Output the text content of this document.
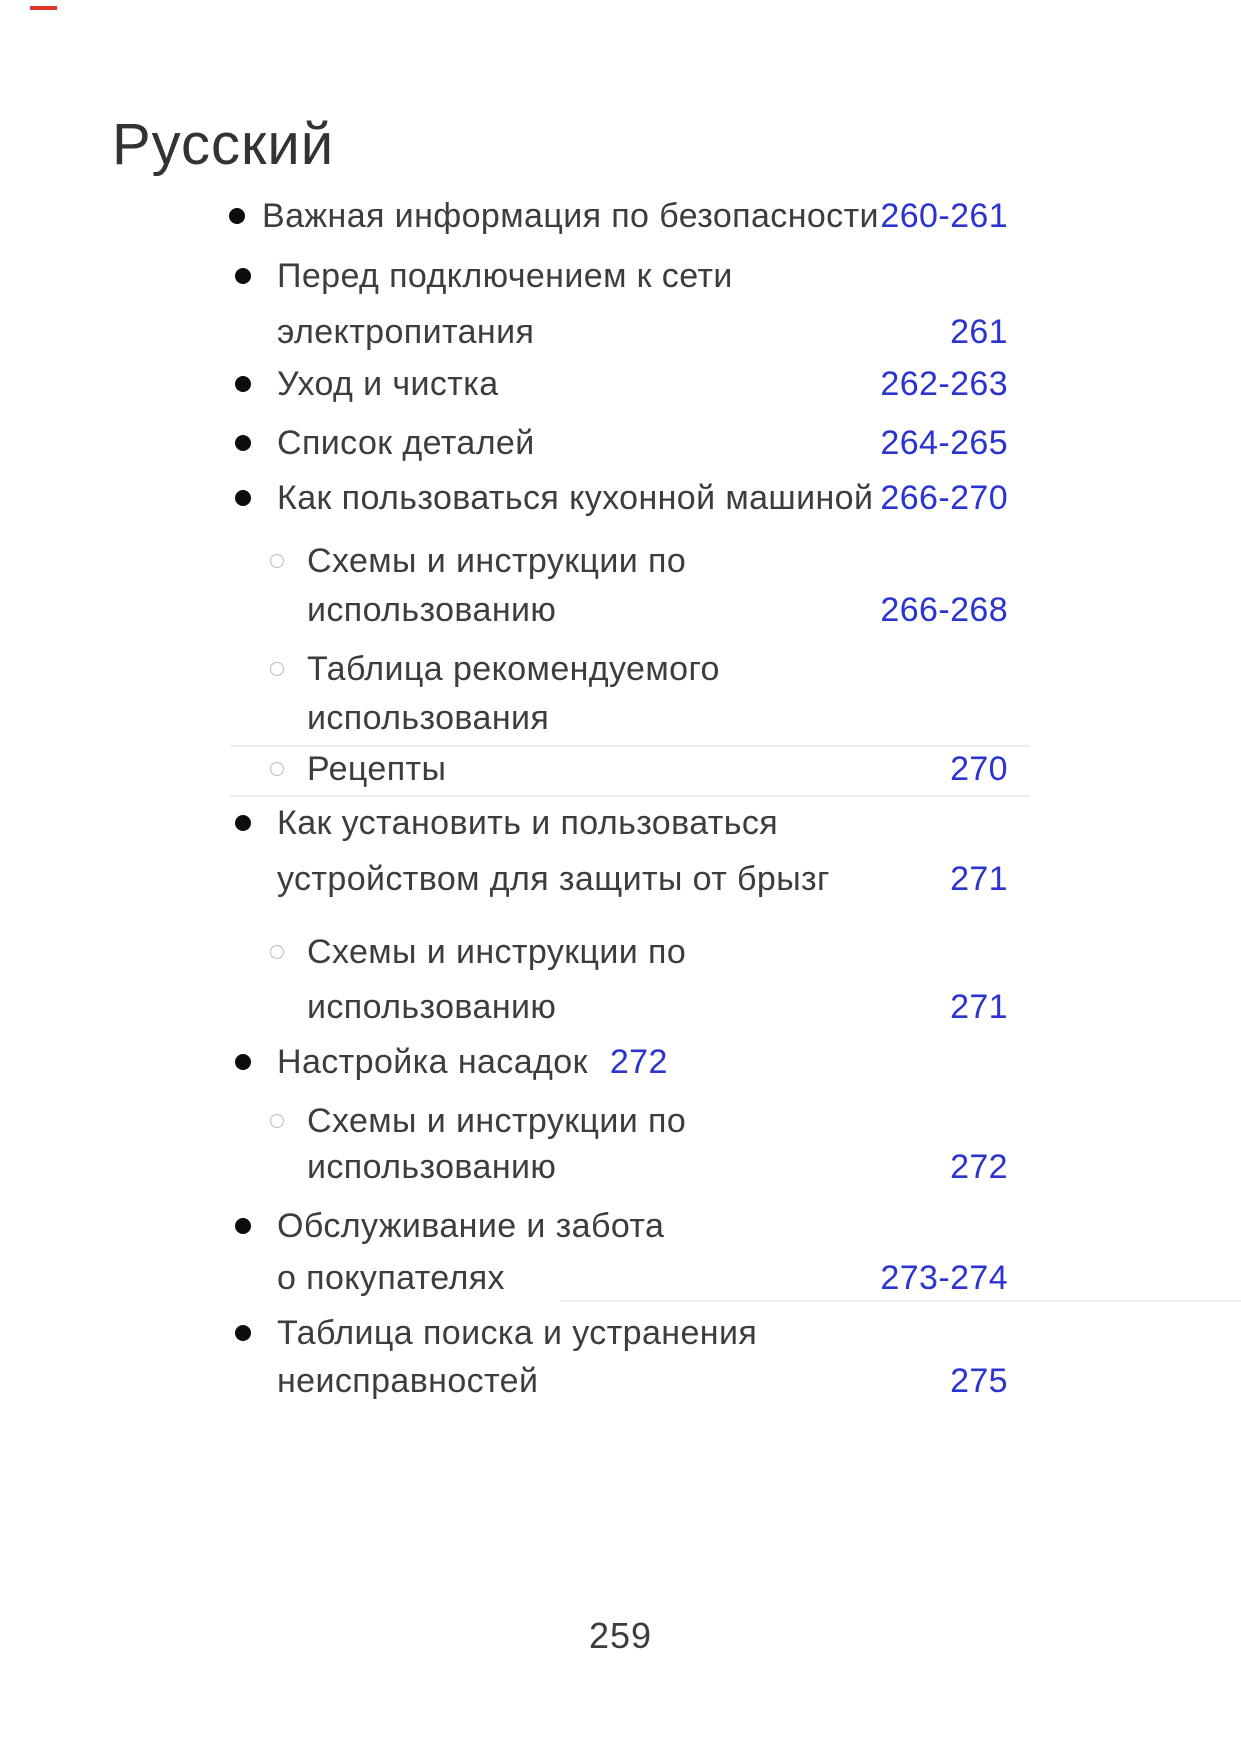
Русский
Важная информация по безопасности 260-261
Перед подключением к сети
электропитания	261
Уход и чистка	262-263
Список деталей	264-265
Как пользоваться кухонной машиной 266-270
Схемы и инструкции по
использованию	266-268
Таблица рекомендуемого
использования
Рецепты	270
Как установить и пользоваться
устройством для защиты от брызг	271
Схемы и инструкции по
использованию	271
Настройка насадок 272
Схемы и инструкции по
использованию	272
Обслуживание и забота
о покупателях	273-274
Таблица поиска и устранения
неисправностей	275
259
